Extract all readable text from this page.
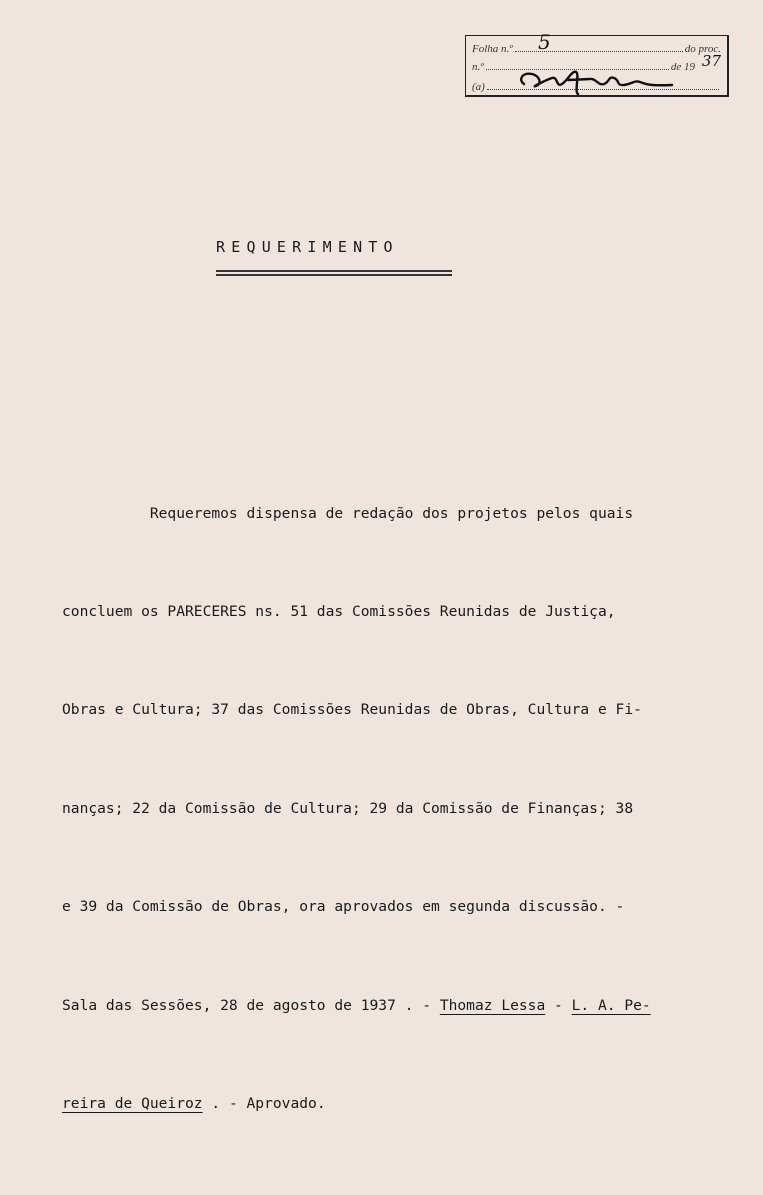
Folha n.º	do proc.
5
n.º	de 19 37
(a)
REQUERIMENTO

Requeremos dispensa de redação dos projetos pelos quais

concluem os PARECERES ns. 51 das Comissões Reunidas de Justiça,

Obras e Cultura; 37 das Comissões Reunidas de Obras, Cultura e Fi-

nanças; 22 da Comissão de Cultura; 29 da Comissão de Finanças; 38

e 39 da Comissão de Obras, ora aprovados em segunda discussão. -

Sala das Sessões, 28 de agosto de 1937 . - Thomaz Lessa - L. A. Pe-

reira de Queiroz . - Aprovado.
